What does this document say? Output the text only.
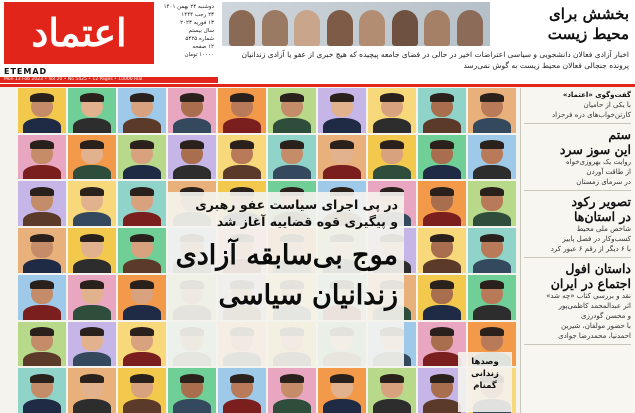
اعتماد
دوشنبه ۲۴ بهمن ۱۴۰۱
۲۳ رجب ۱۴۴۴
۱۳ فوریه ۲۰۲۳
سال بیستم
شماره ۵۴۲۵
۱۲ صفحه
۱۰۰۰۰ تومان
ETEMAD
Mon 13 Feb 2023 • Vol 20 • No 5425 • 12 Pages • 10000 Rial
بخشش برای
محیط زیست
اخبار آزادی فعالان دانشجویی و سیاسی اعتراضات اخیر در حالی در فضای جامعه پیچیده که هیچ خبری از عفو یا آزادی زندانیان
پرونده جنجالی فعالان محیط زیست به گوش نمی‌رسد
در پی اجرای سیاست عفو رهبری
و پیگیری قوه قضاییه آغاز شد
موج بی‌سابقه آزادی
زندانیان سیاسی
وصدها
زندانی
گمنام
گفت‌وگوی «اعتماد»
با یکی از حامیان
کارتن‌خواب‌های دره فرحزاد
ستم
این سوز سرد
روایت یک بهروزی‌خواه
از طاقت آوردن
در سرمای زمستان
تصویر رکود
در استان‌ها
شاخص ملی محیط
کسب‌وکار در فصل پاییز
با ۶ دیگر از رقم ۶ عبور کرد
داستان افول
اجتماع در ایران
نقد و بررسی کتاب «چه شد»
اثر عبدالمحمد کاظمی‌پور
و محسن گودرزی
با حضور مولفان، شیرین
احمدنیا، محمدرضا جوادی
